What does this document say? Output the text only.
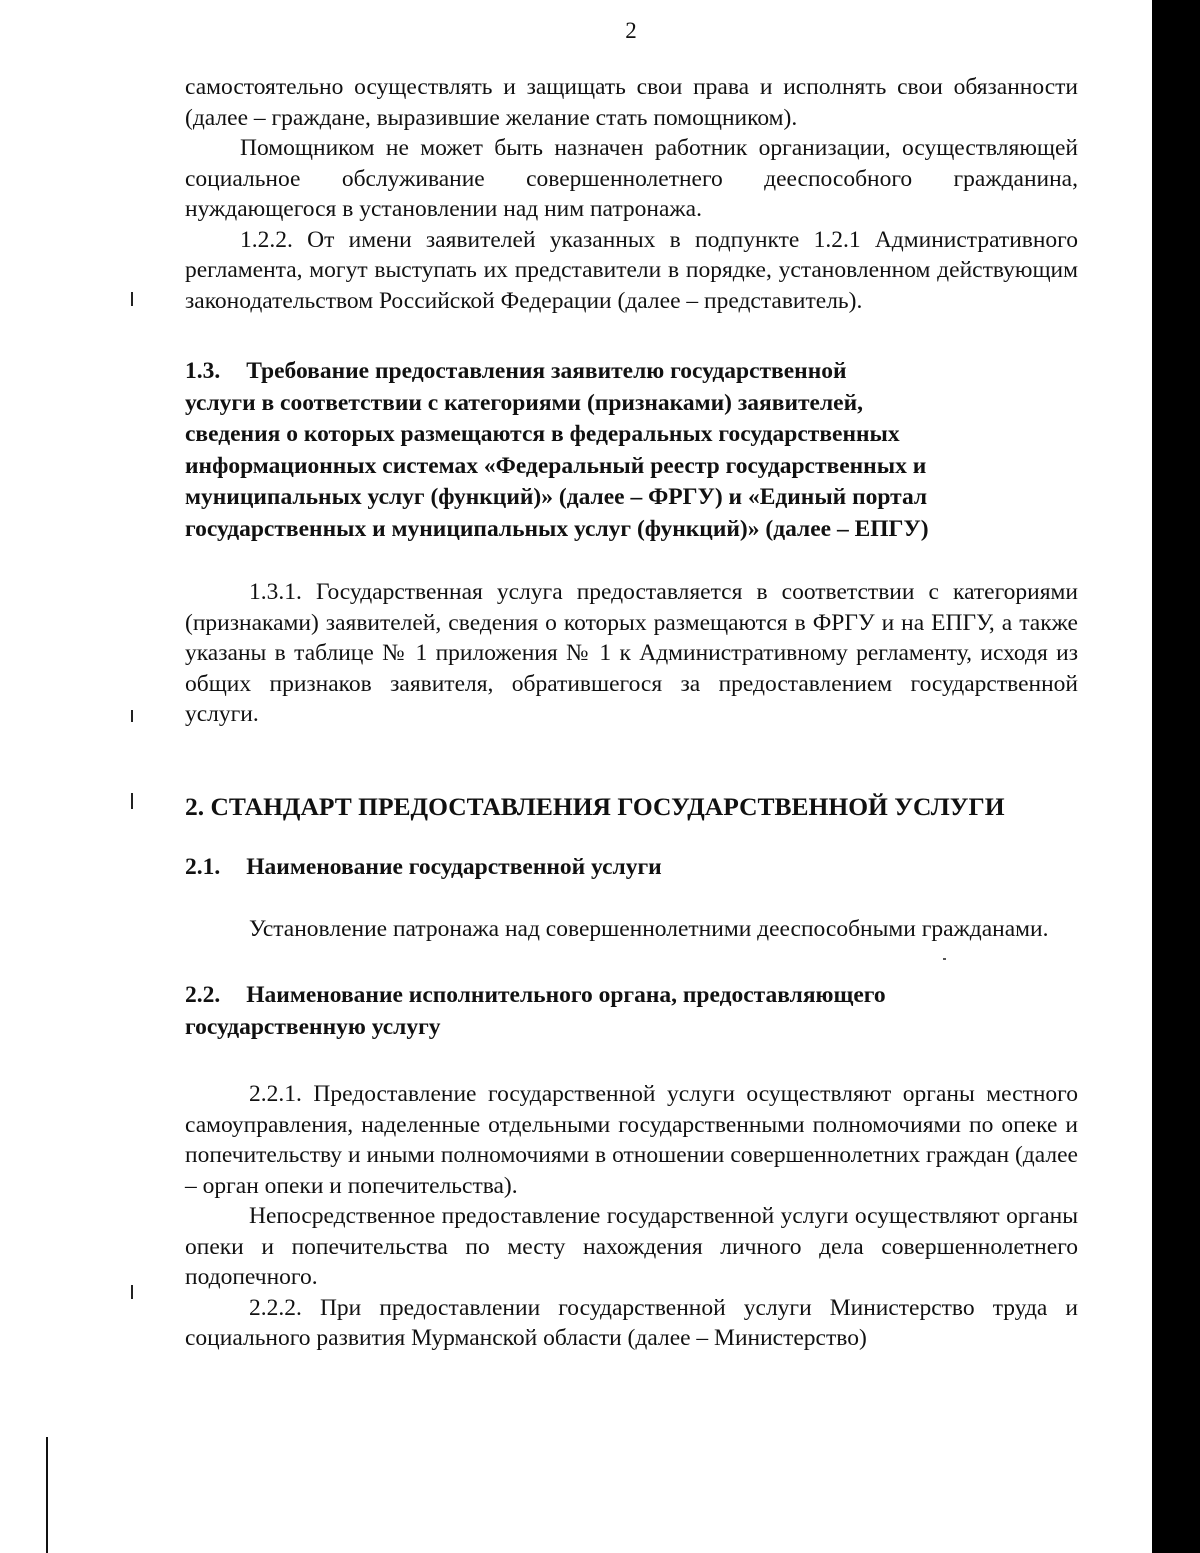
2

самостоятельно осуществлять и защищать свои права и исполнять свои обязанности (далее – граждане, выразившие желание стать помощником).

Помощником не может быть назначен работник организации, осуществляющей социальное обслуживание совершеннолетнего дееспособного гражданина, нуждающегося в установлении над ним патронажа.

1.2.2. От имени заявителей указанных в подпункте 1.2.1 Административного регламента, могут выступать их представители в порядке, установленном действующим законодательством Российской Федерации (далее – представитель).

1.3. Требование предоставления заявителю государственной

услуги в соответствии с категориями (признаками) заявителей,

сведения о которых размещаются в федеральных государственных

информационных системах «Федеральный реестр государственных и

муниципальных услуг (функций)» (далее – ФРГУ) и «Единый портал

государственных и муниципальных услуг (функций)» (далее – ЕПГУ)

1.3.1. Государственная услуга предоставляется в соответствии с категориями (признаками) заявителей, сведения о которых размещаются в ФРГУ и на ЕПГУ, а также указаны в таблице № 1 приложения № 1 к Административному регламенту, исходя из общих признаков заявителя, обратившегося за предоставлением государственной услуги.

2. СТАНДАРТ ПРЕДОСТАВЛЕНИЯ ГОСУДАРСТВЕННОЙ УСЛУГИ

2.1. Наименование государственной услуги

Установление патронажа над совершеннолетними дееспособными гражданами.

2.2. Наименование исполнительного органа, предоставляющего

государственную услугу

2.2.1. Предоставление государственной услуги осуществляют органы местного самоуправления, наделенные отдельными государственными полномочиями по опеке и попечительству и иными полномочиями в отношении совершеннолетних граждан (далее – орган опеки и попечительства).

Непосредственное предоставление государственной услуги осуществляют органы опеки и попечительства по месту нахождения личного дела совершеннолетнего подопечного.

2.2.2. При предоставлении государственной услуги Министерство труда и социального развития Мурманской области (далее – Министерство)
